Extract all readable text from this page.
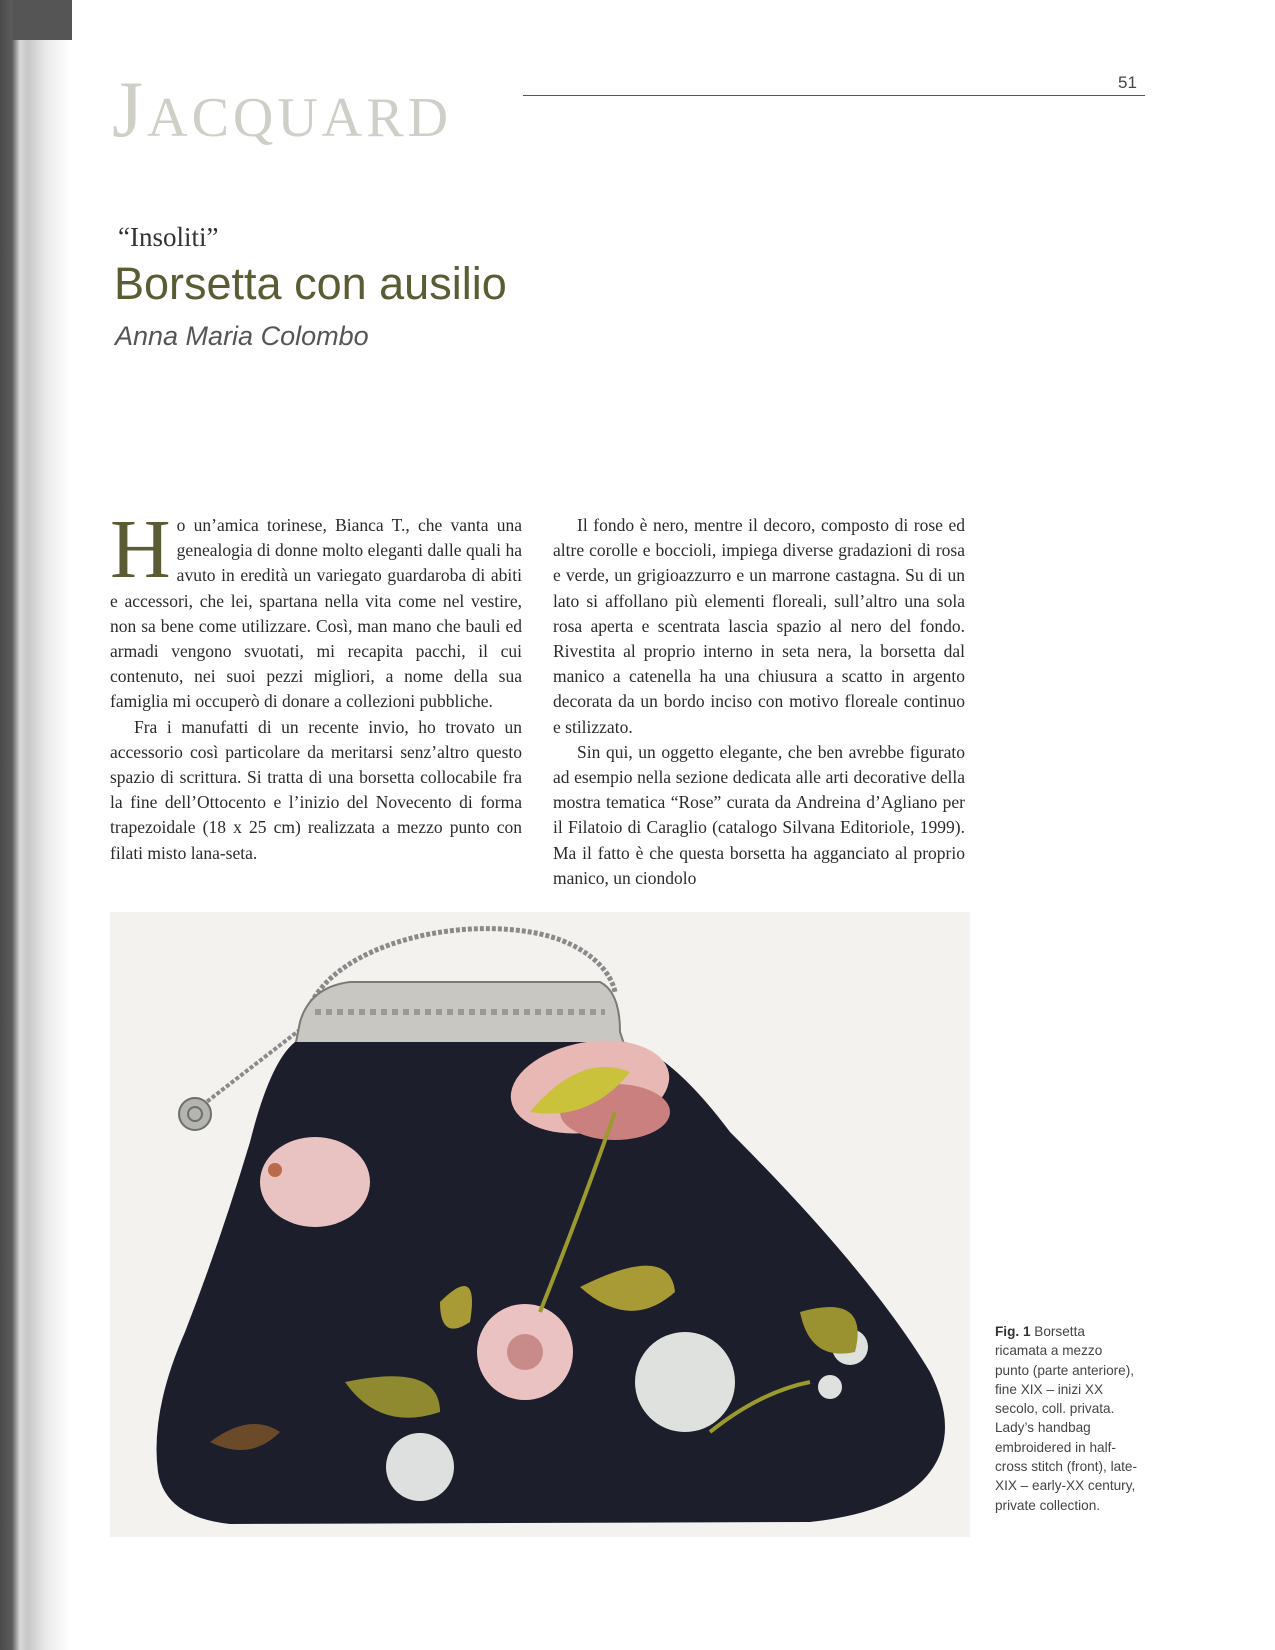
Jacquard	51
“Insoliti”
Borsetta con ausilio
Anna Maria Colombo

Ho un’amica torinese, Bianca T., che vanta una genealogia di donne molto eleganti dalle quali ha avuto in eredità un variegato guardaroba di abiti e accessori, che lei, spartana nella vita come nel vestire, non sa bene come utilizzare. Così, man mano che bauli ed armadi vengono svuotati, mi recapita pacchi, il cui contenuto, nei suoi pezzi migliori, a nome della sua famiglia mi occuperò di donare a collezioni pubbliche.

Fra i manufatti di un recente invio, ho trovato un accessorio così particolare da meritarsi senz’altro questo spazio di scrittura. Si tratta di una borsetta collocabile fra la fine dell’Ottocento e l’inizio del Novecento di forma trapezoidale (18 x 25 cm) realizzata a mezzo punto con filati misto lana-seta.

Il fondo è nero, mentre il decoro, composto di rose ed altre corolle e boccioli, impiega diverse gradazioni di rosa e verde, un grigioazzurro e un marrone castagna. Su di un lato si affollano più elementi floreali, sull’altro una sola rosa aperta e scentrata lascia spazio al nero del fondo. Rivestita al proprio interno in seta nera, la borsetta dal manico a catenella ha una chiusura a scatto in argento decorata da un bordo inciso con motivo floreale continuo e stilizzato.

Sin qui, un oggetto elegante, che ben avrebbe figurato ad esempio nella sezione dedicata alle arti decorative della mostra tematica “Rose” curata da Andreina d’Agliano per il Filatoio di Caraglio (catalogo Silvana Editoriole, 1999). Ma il fatto è che questa borsetta ha agganciato al proprio manico, un ciondolo

Fig. 1 Borsetta ricamata a mezzo punto (parte anteriore), fine XIX – inizi XX secolo, coll. privata.
Lady’s handbag embroidered in half-cross stitch (front), late-XIX – early-XX century, private collection.
